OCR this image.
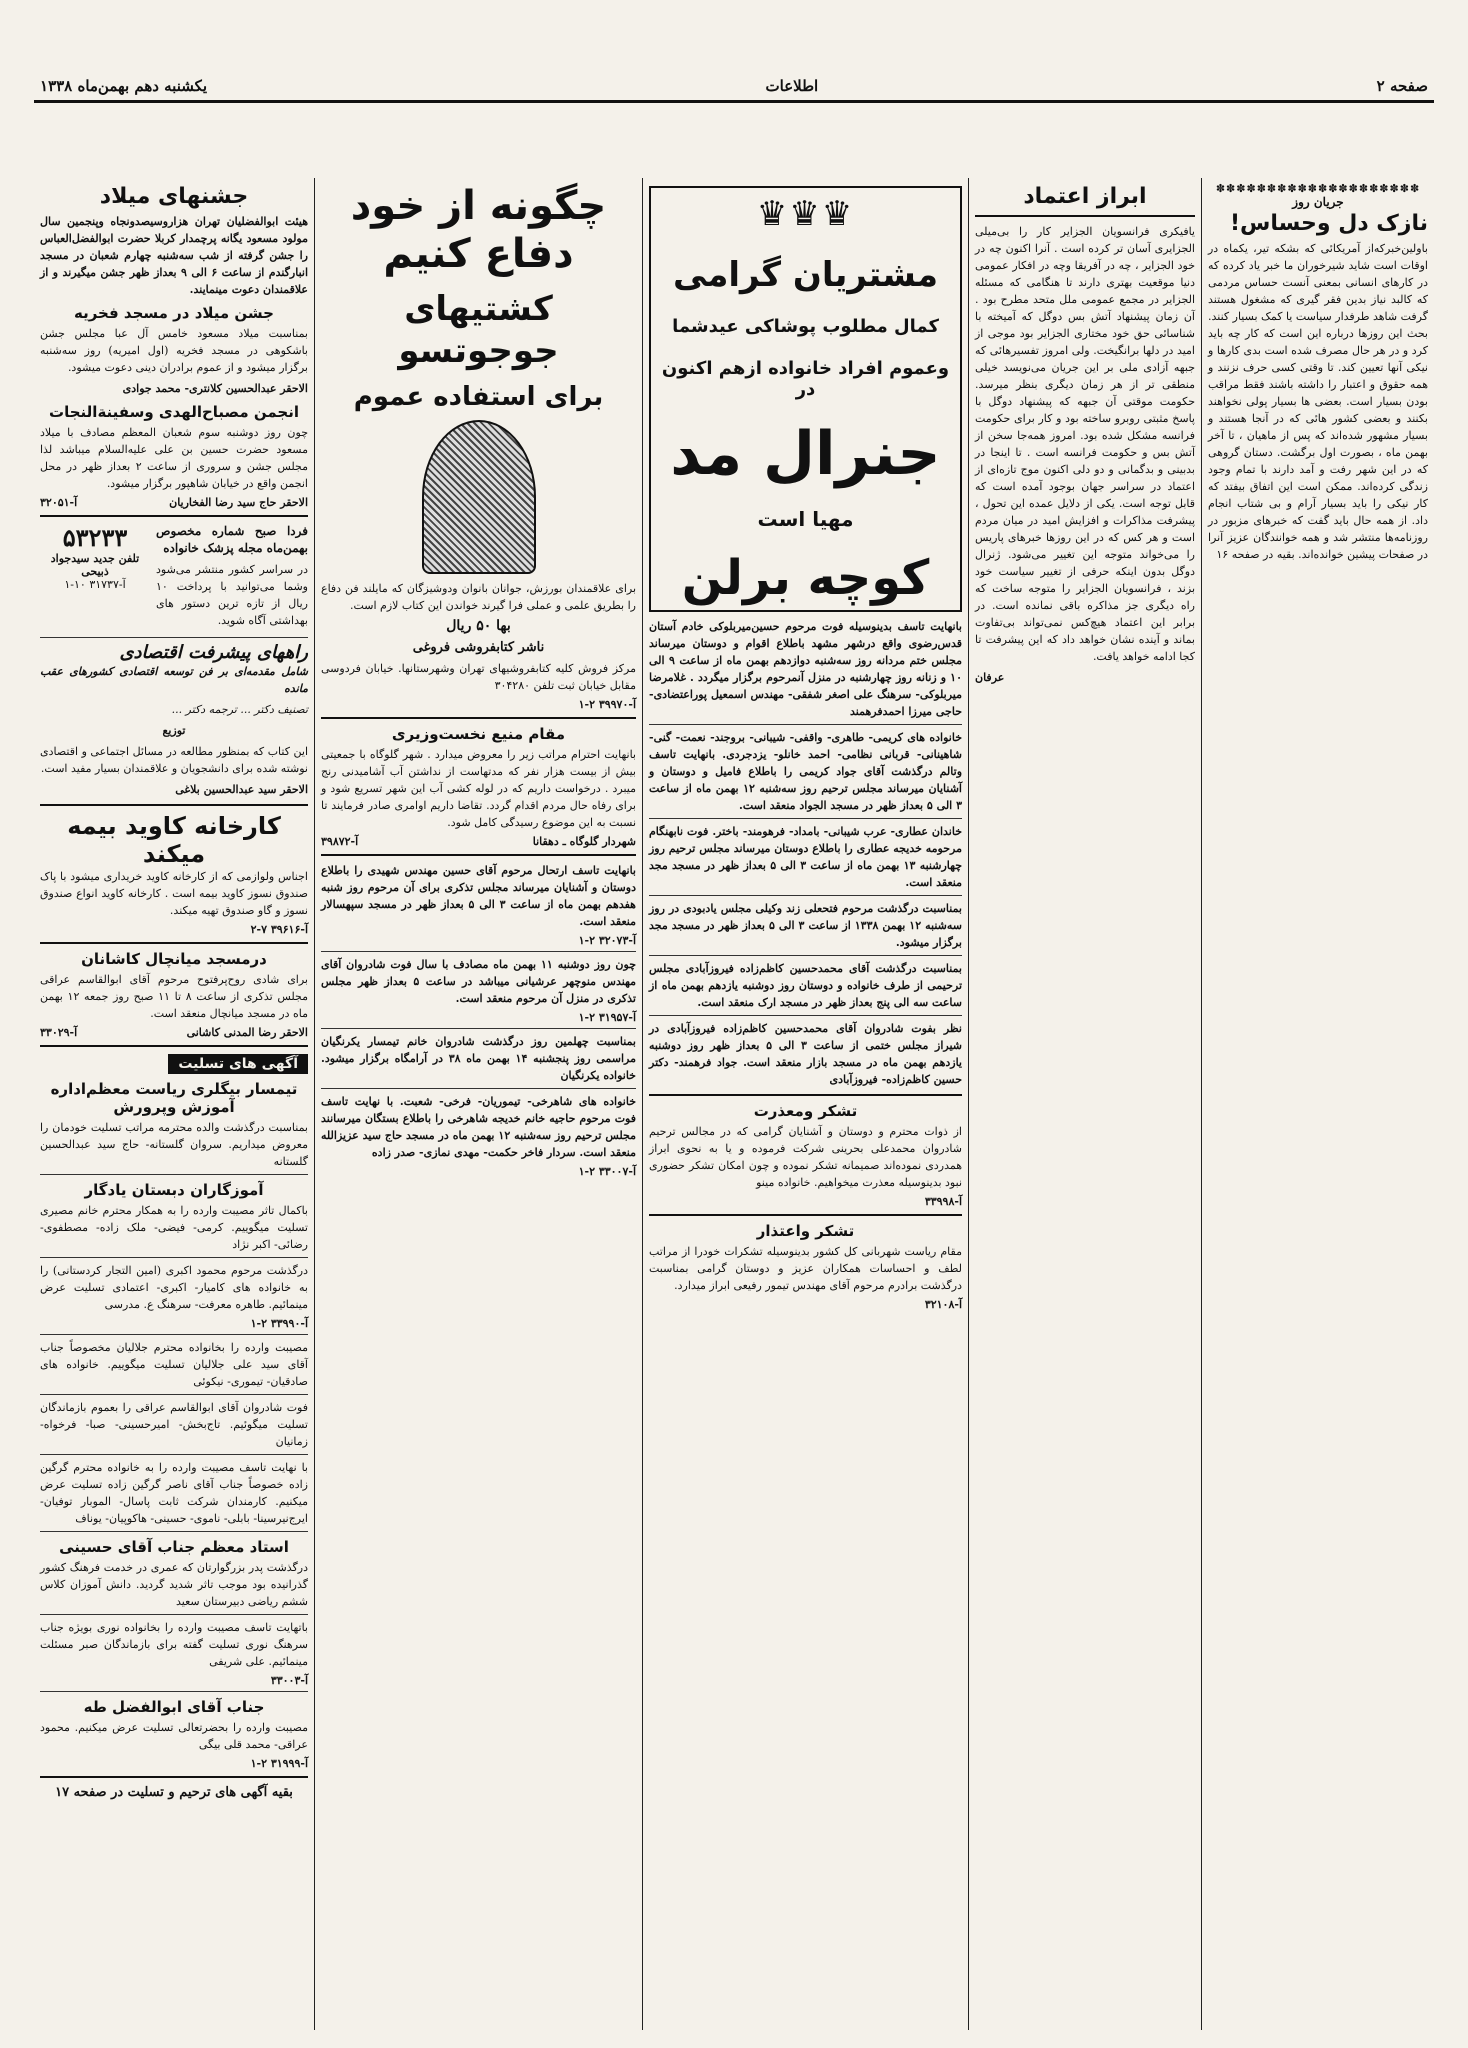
صفحه ۲
اطلاعات
یکشنبه دهم بهمن‌ماه ۱۳۳۸
✽✽✽✽✽✽✽✽✽✽✽✽✽✽✽✽✽✽✽✽
جریان روز
نازک دل وحساس!

باولین‌خبرکه‌از آمریکائی که بشکه تیر، یکماه در اوقات است شاید شیرخوران ما خبر یاد کرده که در کارهای انسانی بمعنی آنست حساس مردمی که کالبد نیاز بدین فقر گیری که مشغول هستند گرفت شاهد طرفدار سیاست یا کمک بسیار کنند. بحث این روزها درباره این است که کار چه باید کرد و در هر حال مصرف شده است بدی کارها و نیکی آنها تعیین کند. تا وقتی کسی حرف نزنند و همه حقوق و اعتبار را داشته باشند فقط مراقب بودن بسیار است. بعضی ها بسیار پولی نخواهند بکنند و بعضی کشور هائی که در آنجا هستند و بسیار مشهور شده‌اند که پس از ماهیان ، تا آخر بهمن ماه ، بصورت اول برگشت. دستان گروهی که در این شهر رفت و آمد دارند با تمام وجود زندگی کرده‌اند. ممکن است این اتفاق بیفتد که کار نیکی را باید بسیار آرام و بی شتاب انجام داد. از همه حال باید گفت که خبرهای مزبور در روزنامه‌ها منتشر شد و همه خوانندگان عزیز آنرا در صفحات پیشین خوانده‌اند. بقیه در صفحه ۱۶

ابراز اعتماد

یافیکری فرانسویان الجزایر کار را بی‌میلی الجزایری آسان تر کرده است . آنرا اکنون چه در خود الجزایر ، چه در آفریقا وچه در افکار عمومی دنیا موقعیت بهتری دارند تا هنگامی که مسئله الجزایر در مجمع عمومی ملل متحد مطرح بود . آن زمان پیشنهاد آتش بس دوگل که آمیخته با شناسائی حق خود مختاری الجزایر بود موجی از امید در دلها برانگیخت. ولی امروز تفسیرهائی که جبهه آزادی ملی بر این جریان می‌نویسد خیلی منطقی تر از هر زمان دیگری بنظر میرسد. حکومت موقتی آن جبهه که پیشنهاد دوگل با پاسخ مثبتی روبرو ساخته بود و کار برای حکومت فرانسه مشکل شده بود. امروز همه‌جا سخن از آتش بس و حکومت فرانسه است . تا اینجا در بدبینی و بدگمانی و دو دلی اکنون موج تازه‌ای از اعتماد در سراسر جهان بوجود آمده است که قابل توجه است. یکی از دلایل عمده این تحول ، پیشرفت مذاکرات و افزایش امید در میان مردم است و هر کس که در این روزها خبرهای پاریس را می‌خواند متوجه این تغییر می‌شود. ژنرال دوگل بدون اینکه حرفی از تغییر سیاست خود بزند ، فرانسویان الجزایر را متوجه ساخت که راه دیگری جز مذاکره باقی نمانده است. در برابر این اعتماد هیچ‌کس نمی‌تواند بی‌تفاوت بماند و آینده نشان خواهد داد که این پیشرفت تا کجا ادامه خواهد یافت.

عرفان

♛♛♛
مشتریان گرامی
کمال مطلوب پوشاکی عیدشما
وعموم افراد خانواده ازهم اکنون در
جنرال مد
مهیا است
کوچه برلن

بانهایت تاسف بدینوسیله فوت مرحوم حسین‌میربلوکی خادم آستان قدس‌رضوی واقع درشهر مشهد باطلاع اقوام و دوستان میرساند مجلس ختم مردانه روز سه‌شنبه دوازدهم بهمن ماه از ساعت ۹ الی ۱۰ و زنانه روز چهارشنبه در منزل آنمرحوم برگزار میگردد . غلامرضا میربلوکی- سرهنگ علی اصغر شفقی- مهندس اسمعیل پوراعتضادی- حاجی میرزا احمدفرهمند

خانواده های کریمی- طاهری- واقفی- شیبانی- بروجند- نعمت- گنی- شاهینانی- قربانی نظامی- احمد خانلو- یزدجردی. بانهایت تاسف وتالم درگذشت آقای جواد کریمی را باطلاع فامیل و دوستان و آشنایان میرساند مجلس ترحیم روز سه‌شنبه ۱۲ بهمن ماه از ساعت ۳ الی ۵ بعداز ظهر در مسجد الجواد منعقد است.

خاندان عطاری- عرب شیبانی- بامداد- فرهومند- باختر. فوت نابهنگام مرحومه خدیجه عطاری را باطلاع دوستان میرساند مجلس ترحیم روز چهارشنبه ۱۳ بهمن ماه از ساعت ۳ الی ۵ بعداز ظهر در مسجد مجد منعقد است.

بمناسبت درگذشت مرحوم فتحعلی زند وکیلی مجلس یادبودی در روز سه‌شنبه ۱۲ بهمن ۱۳۳۸ از ساعت ۳ الی ۵ بعداز ظهر در مسجد مجد برگزار میشود.

بمناسبت درگذشت آقای محمدحسین کاظم‌زاده فیروزآبادی مجلس ترحیمی از طرف خانواده و دوستان روز دوشنبه یازدهم بهمن ماه از ساعت سه الی پنج بعداز ظهر در مسجد ارک منعقد است.

نظر بفوت شادروان آقای محمدحسین کاظم‌زاده فیروزآبادی در شیراز مجلس ختمی از ساعت ۳ الی ۵ بعداز ظهر روز دوشنبه یازدهم بهمن ماه در مسجد بازار منعقد است. جواد فرهمند- دکتر حسین کاظم‌زاده- فیروزآبادی

تشکر ومعذرت

از ذوات محترم و دوستان و آشنایان گرامی که در مجالس ترحیم شادروان محمدعلی بحرینی شرکت فرموده و یا به نحوی ابراز همدردی نموده‌اند صمیمانه تشکر نموده و چون امکان تشکر حضوری نبود بدینوسیله معذرت میخواهیم. خانواده مینو

آ-۳۳۹۹۸
تشکر واعتذار

مقام ریاست شهربانی کل کشور بدینوسیله تشکرات خودرا از مراتب لطف و احساسات همکاران عزیز و دوستان گرامی بمناسبت درگذشت برادرم مرحوم آقای مهندس تیمور رفیعی ابراز میدارد.

آ-۳۲۱۰۸
چگونه از خود دفاع کنیم
کشتیهای جوجوتسو
برای استفاده عموم

برای علاقمندان بورزش، جوانان بانوان ودوشیزگان که مایلند فن دفاع را بطریق علمی و عملی فرا گیرند خواندن این کتاب لازم است.

بها ۵۰ ریال

ناشر کتابفروشی فروغی

مرکز فروش کلیه کتابفروشیهای تهران وشهرستانها. خیابان فردوسی مقابل خیابان ثبت تلفن ۳۰۴۲۸۰

آ-۳۹۹۷۰ ۲-۱
مقام منیع نخست‌وزیری

بانهایت احترام مراتب زیر را معروض میدارد . شهر گلوگاه با جمعیتی بیش از بیست هزار نفر که مدتهاست از نداشتن آب آشامیدنی رنج میبرد . درخواست داریم که در لوله کشی آب این شهر تسریع شود و برای رفاه حال مردم اقدام گردد. تقاضا داریم اوامری صادر فرمایند تا نسبت به این موضوع رسیدگی کامل شود.

شهردار گلوگاه ـ دهقانا
آ-۳۹۸۷۲

بانهایت تاسف ارتحال مرحوم آقای حسین مهندس شهیدی را باطلاع دوستان و آشنایان میرساند مجلس تذکری برای آن مرحوم روز شنبه هفدهم بهمن ماه از ساعت ۳ الی ۵ بعداز ظهر در مسجد سپهسالار منعقد است.

آ-۳۲۰۷۳ ۲-۱

چون روز دوشنبه ۱۱ بهمن ماه مصادف با سال فوت شادروان آقای مهندس منوچهر عرشیانی میباشد در ساعت ۵ بعداز ظهر مجلس تذکری در منزل آن مرحوم منعقد است.

آ-۳۱۹۵۷ ۲-۱

بمناسبت چهلمین روز درگذشت شادروان خانم تیمسار یکرنگیان مراسمی روز پنجشنبه ۱۴ بهمن ماه ۳۸ در آرامگاه برگزار میشود. خانواده یکرنگیان

خانواده های شاهرخی- تیموریان- فرخی- شعبت. با نهایت تاسف فوت مرحوم حاجیه خانم خدیجه شاهرخی را باطلاع بستگان میرسانند مجلس ترحیم روز سه‌شنبه ۱۲ بهمن ماه در مسجد حاج سید عزیزالله منعقد است. سردار فاخر حکمت- مهدی نمازی- صدر زاده

آ-۳۳۰۰۷ ۲-۱
جشنهای میلاد

هیئت ابوالفضلیان تهران هزاروسیصدونجاه وپنجمین سال مولود مسعود یگانه پرچمدار کربلا حضرت ابوالفضل‌العباس را جشن گرفته از شب سه‌شنبه چهارم شعبان در مسجد انبارگندم از ساعت ۶ الی ۹ بعداز ظهر جشن میگیرند و از علاقمندان دعوت مینمایند.

جشن میلاد در مسجد فخریه

بمناسبت میلاد مسعود خامس آل عبا مجلس جشن باشکوهی در مسجد فخریه (اول امیریه) روز سه‌شنبه برگزار میشود و از عموم برادران دینی دعوت میشود.

الاحقر عبدالحسین کلانتری- محمد جوادی

انجمن مصباح‌الهدی وسفینةالنجات

چون روز دوشنبه سوم شعبان المعظم مصادف با میلاد مسعود حضرت حسین بن علی علیه‌السلام میباشد لذا مجلس جشن و سروری از ساعت ۲ بعداز ظهر در محل انجمن واقع در خیابان شاهپور برگزار میشود.

الاحقر حاج سید رضا الفخاریان
آ-۳۲۰۵۱

فردا صبح شماره مخصوص بهمن‌ماه مجله پزشک خانواده

در سراسر کشور منتشر می‌شود وشما می‌توانید با پرداخت ۱۰ ریال از تازه ترین دستور های بهداشتی آگاه شوید.

۵۳۲۳۳
تلفن جدید سیدجواد ذبیحی
آ-۳۱۷۳۷ ۱۰-۱
راههای پیشرفت اقتصادی

شامل مقدمه‌ای بر فن توسعه اقتصادی کشورهای عقب مانده

تصنیف دکتر ... ترجمه دکتر ...

توزیع

این کتاب که بمنظور مطالعه در مسائل اجتماعی و اقتصادی نوشته شده برای دانشجویان و علاقمندان بسیار مفید است.

الاحقر سید عبدالحسین بلاغی

کارخانه کاوید بیمه میکند

اجناس ولوازمی که از کارخانه کاوید خریداری میشود با پاک صندوق نسوز کاوید بیمه است . کارخانه کاوید انواع صندوق نسوز و گاو صندوق تهیه میکند.

آ-۳۹۶۱۶ ۷-۲
درمسجد میانچال کاشانان

برای شادی روح‌پرفتوح مرحوم آقای ابوالقاسم عراقی مجلس تذکری از ساعت ۸ تا ۱۱ صبح روز جمعه ۱۲ بهمن ماه در مسجد میانچال منعقد است.

الاحقر رضا المدنی کاشانی
آ-۳۳۰۲۹
آگهی های تسلیت
تیمسار بیگلری ریاست معظم‌اداره آموزش وپرورش

بمناسبت درگذشت والده محترمه مراتب تسلیت خودمان را معروض میداریم. سروان گلستانه- حاج سید عبدالحسین گلستانه

آموزگاران دبستان یادگار

باکمال تاثر مصیبت وارده را به همکار محترم خانم مصیری تسلیت میگوییم. کرمی- فیضی- ملک زاده- مصطفوی- رضائی- اکبر نژاد

درگذشت مرحوم محمود اکبری (امین التجار کردستانی) را به خانواده های کامیار- اکبری- اعتمادی تسلیت عرض مینمائیم. طاهره معرفت- سرهنگ ع. مدرسی

آ-۳۳۹۹۰ ۲-۱

مصیبت وارده را بخانواده محترم جلالیان مخصوصاً جناب آقای سید علی جلالیان تسلیت میگوییم. خانواده های صادقیان- تیموری- نیکوئی

فوت شادروان آقای ابوالقاسم عراقی را بعموم بازماندگان تسلیت میگوئیم. تاج‌بخش- امیرحسینی- صبا- فرخواه- زمانیان

با نهایت تاسف مصیبت وارده را به خانواده محترم گرگین زاده خصوصاً جناب آقای ناصر گرگین زاده تسلیت عرض میکنیم. کارمندان شرکت ثابت پاسال- الموبار توفیان- ایرج‌نیرسینا- بابلی- ناموی- حسینی- هاکوپیان- یوناف

استاد معظم جناب آقای حسینی

درگذشت پدر بزرگوارتان که عمری در خدمت فرهنگ کشور گذرانیده بود موجب تاثر شدید گردید. دانش آموزان کلاس ششم ریاضی دبیرستان سعید

باتهایت تاسف مصیبت وارده را بخانواده نوری بویژه جناب سرهنگ نوری تسلیت گفته برای بازماندگان صبر مسئلت مینمائیم. علی شریفی

آ-۳۳۰۰۳
جناب آقای ابوالفضل طه

مصیبت وارده را بحضرتعالی تسلیت عرض میکنیم. محمود عراقی- محمد قلی بیگی

آ-۳۱۹۹۹ ۲-۱

بقیه آگهی های ترحیم و تسلیت در صفحه ۱۷
